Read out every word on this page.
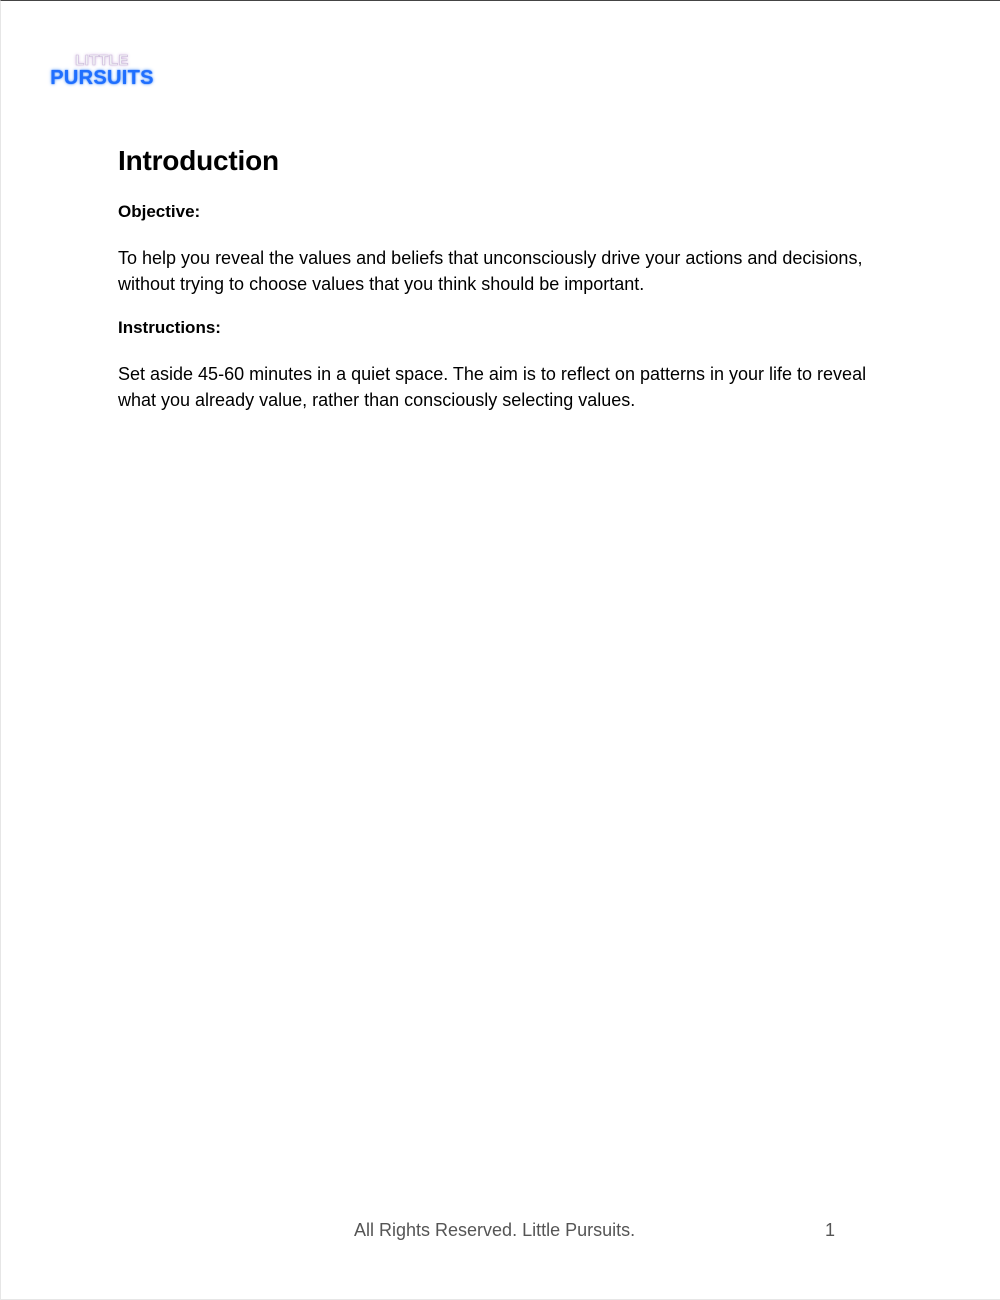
LITTLE
PURSUITS
Introduction

Objective:

To help you reveal the values and beliefs that unconsciously drive your actions and decisions, without trying to choose values that you think should be important.

Instructions:

Set aside 45-60 minutes in a quiet space. The aim is to reflect on patterns in your life to reveal what you already value, rather than consciously selecting values.

All Rights Reserved. Little Pursuits.	1
